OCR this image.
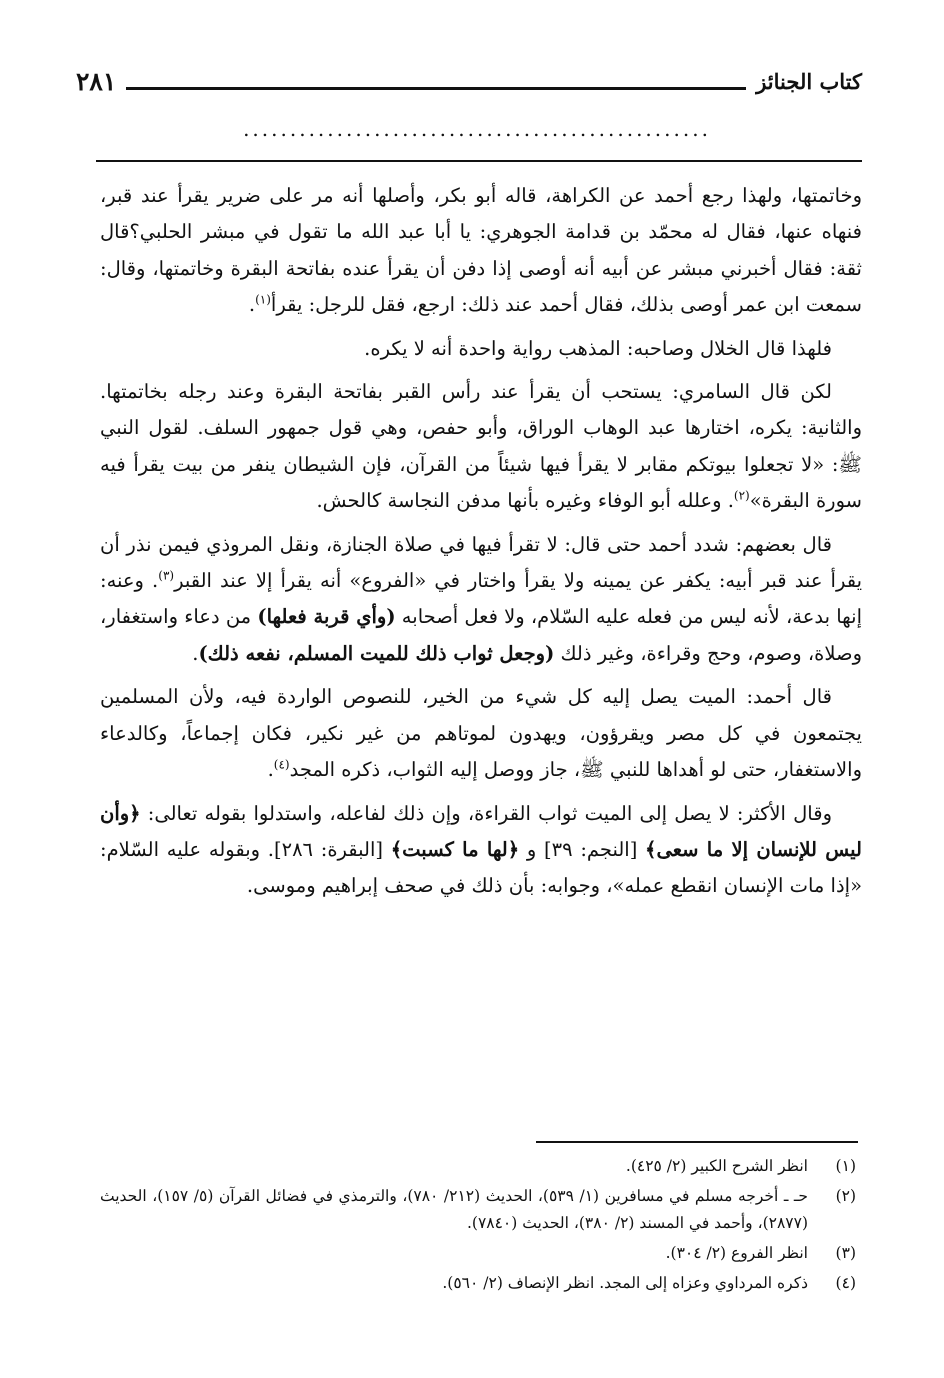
كتاب الجنائز
٢٨١
..................................................

وخاتمتها، ولهذا رجع أحمد عن الكراهة، قاله أبو بكر، وأصلها أنه مر على ضرير يقرأ عند قبر، فنهاه عنها، فقال له محمّد بن قدامة الجوهري: يا أبا عبد الله ما تقول في مبشر الحلبي؟قال ثقة: فقال أخبرني مبشر عن أبيه أنه أوصى إذا دفن أن يقرأ عنده بفاتحة البقرة وخاتمتها، وقال: سمعت ابن عمر أوصى بذلك، فقال أحمد عند ذلك: ارجع، فقل للرجل: يقرأ$^{(١)}$.

فلهذا قال الخلال وصاحبه: المذهب رواية واحدة أنه لا يكره.

لكن قال السامري: يستحب أن يقرأ عند رأس القبر بفاتحة البقرة وعند رجله بخاتمتها. والثانية: يكره، اختارها عبد الوهاب الوراق، وأبو حفص، وهي قول جمهور السلف. لقول النبي ﷺ: «لا تجعلوا بيوتكم مقابر لا يقرأ فيها شيئاً من القرآن، فإن الشيطان ينفر من بيت يقرأ فيه سورة البقرة»$^{(٢)}$. وعلله أبو الوفاء وغيره بأنها مدفن النجاسة كالحش.

قال بعضهم: شدد أحمد حتى قال: لا تقرأ فيها في صلاة الجنازة، ونقل المروذي فيمن نذر أن يقرأ عند قبر أبيه: يكفر عن يمينه ولا يقرأ واختار في «الفروع» أنه يقرأ إلا عند القبر$^{(٣)}$. وعنه: إنها بدعة، لأنه ليس من فعله عليه السّلام، ولا فعل أصحابه (وأي قربة فعلها) من دعاء واستغفار، وصلاة، وصوم، وحج وقراءة، وغير ذلك (وجعل ثواب ذلك للميت المسلم، نفعه ذلك).

قال أحمد: الميت يصل إليه كل شيء من الخير، للنصوص الواردة فيه، ولأن المسلمين يجتمعون في كل مصر ويقرؤون، ويهدون لموتاهم من غير نكير، فكان إجماعاً، وكالدعاء والاستغفار، حتى لو أهداها للنبي ﷺ، جاز ووصل إليه الثواب، ذكره المجد$^{(٤)}$.

وقال الأكثر: لا يصل إلى الميت ثواب القراءة، وإن ذلك لفاعله، واستدلوا بقوله تعالى: ﴿وأن ليس للإنسان إلا ما سعى﴾ [النجم: ٣٩] و ﴿لها ما كسبت﴾ [البقرة: ٢٨٦]. وبقوله عليه السّلام: «إذا مات الإنسان انقطع عمله»، وجوابه: بأن ذلك في صحف إبراهيم وموسى.

(١)انظر الشرح الكبير (٢/ ٤٢٥).

(٢)حـ ـ أخرجه مسلم في مسافرين (١/ ٥٣٩)، الحديث (٢١٢/ ٧٨٠)، والترمذي في فضائل القرآن (٥/ ١٥٧)، الحديث (٢٨٧٧)، وأحمد في المسند (٢/ ٣٨٠)، الحديث (٧٨٤٠).

(٣)انظر الفروع (٢/ ٣٠٤).

(٤)ذكره المرداوي وعزاه إلى المجد. انظر الإنصاف (٢/ ٥٦٠).
